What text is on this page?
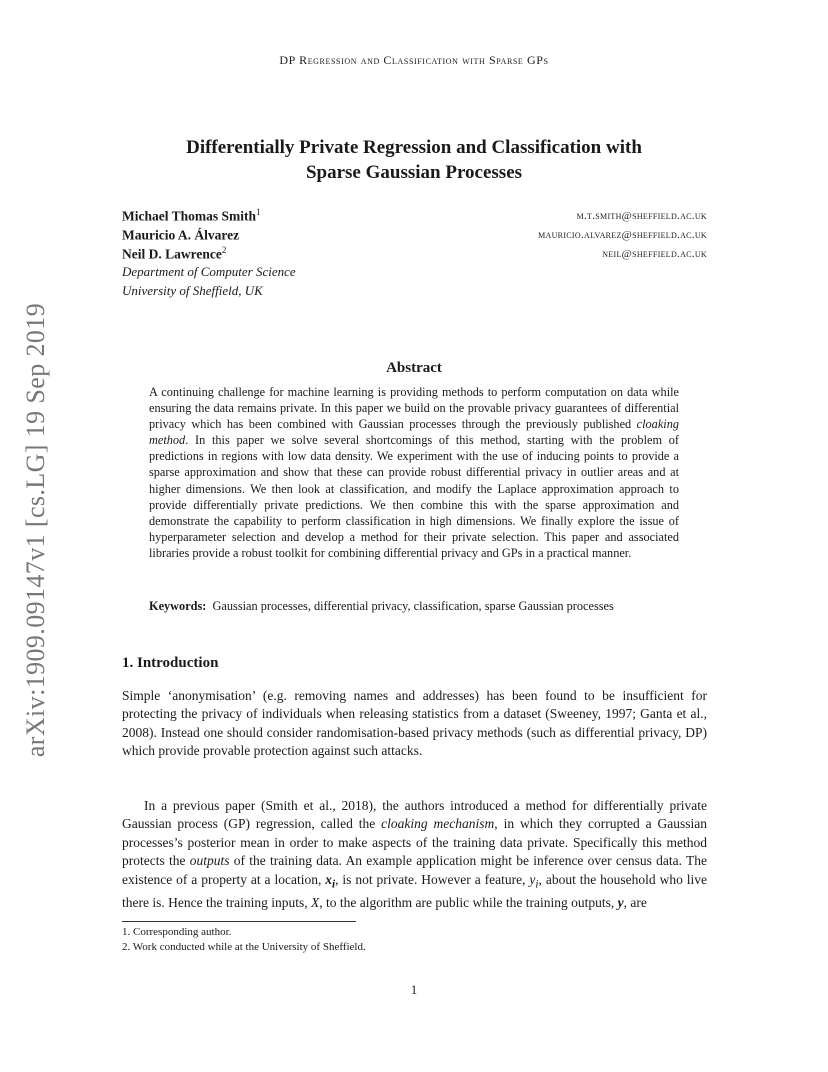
DP Regression and Classification with Sparse GPs
Differentially Private Regression and Classification with
Sparse Gaussian Processes
Michael Thomas Smith$^1$	m.t.smith@sheffield.ac.uk
Mauricio A. Álvarez	mauricio.alvarez@sheffield.ac.uk
Neil D. Lawrence$^2$	neil@sheffield.ac.uk
Department of Computer Science
University of Sheffield, UK
arXiv:1909.09147v1 [cs.LG] 19 Sep 2019	Abstract
A continuing challenge for machine learning is providing methods to perform computation on data while ensuring the data remains private. In this paper we build on the provable privacy guarantees of differential privacy which has been combined with Gaussian processes through the previously published cloaking method. In this paper we solve several shortcomings of this method, starting with the problem of predictions in regions with low data density. We experiment with the use of inducing points to provide a sparse approximation and show that these can provide robust differential privacy in outlier areas and at higher dimensions. We then look at classification, and modify the Laplace approximation approach to provide differentially private predictions. We then combine this with the sparse approximation and demonstrate the capability to perform classification in high dimensions. We finally explore the issue of hyperparameter selection and develop a method for their private selection. This paper and associated libraries provide a robust toolkit for combining differential privacy and GPs in a practical manner.
Keywords: Gaussian processes, differential privacy, classification, sparse Gaussian processes
1. Introduction
Simple ‘anonymisation’ (e.g. removing names and addresses) has been found to be insufficient for protecting the privacy of individuals when releasing statistics from a dataset (Sweeney, 1997; Ganta et al., 2008). Instead one should consider randomisation-based privacy methods (such as differential privacy, DP) which provide provable protection against such attacks.
In a previous paper (Smith et al., 2018), the authors introduced a method for differentially private Gaussian process (GP) regression, called the cloaking mechanism, in which they corrupted a Gaussian processes’s posterior mean in order to make aspects of the training data private. Specifically this method protects the outputs of the training data. An example application might be inference over census data. The existence of a property at a location, $x_i$, is not private. However a feature, $y_i$, about the household who live there is. Hence the training inputs, X, to the algorithm are public while the training outputs, y, are
1. Corresponding author.
2. Work conducted while at the University of Sheffield.
1
